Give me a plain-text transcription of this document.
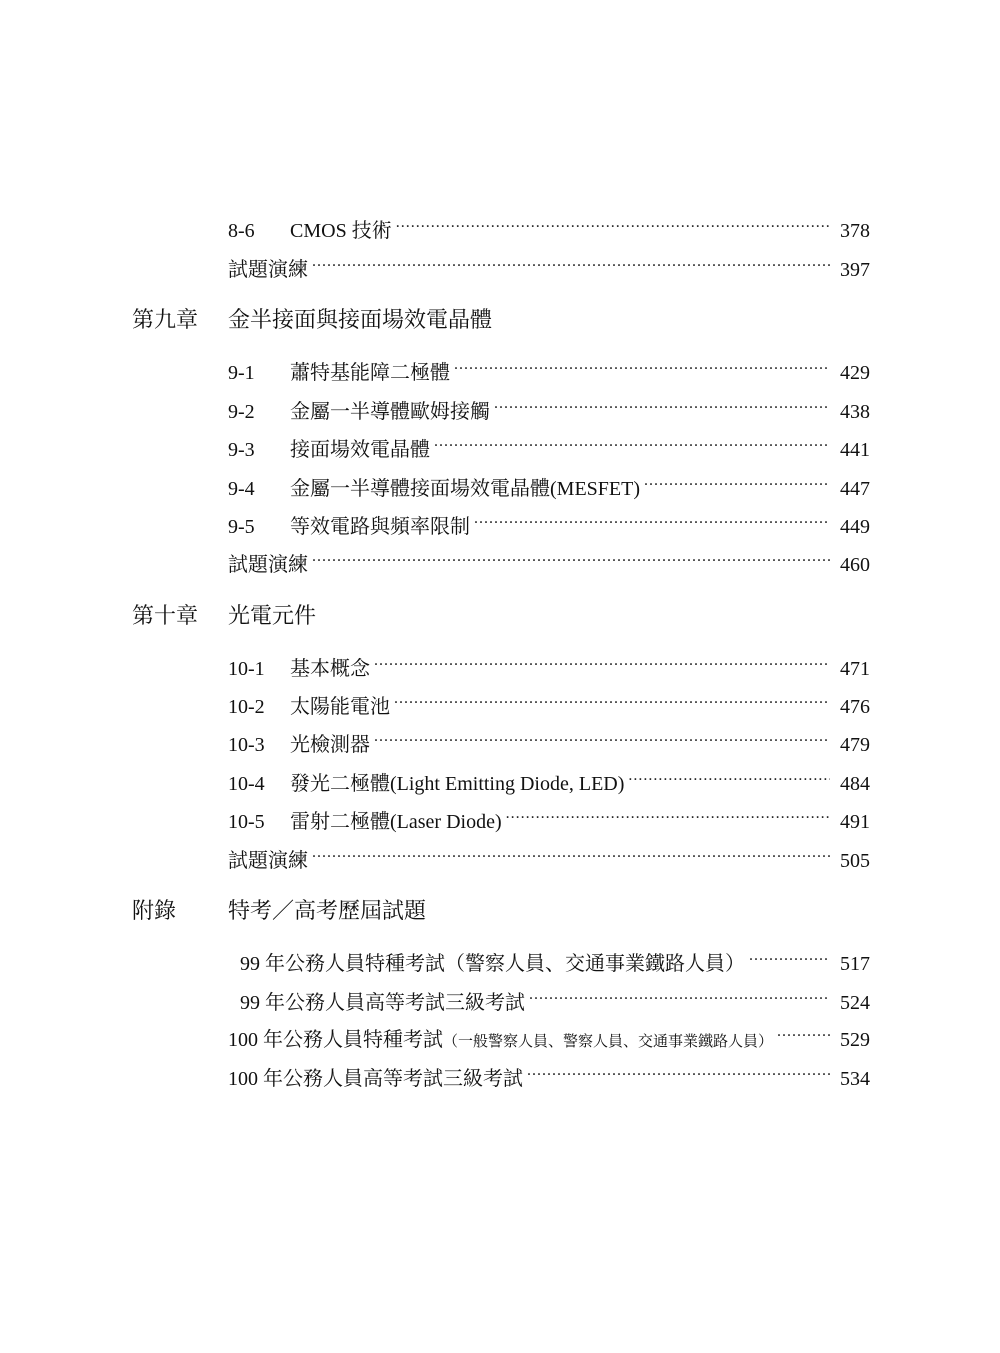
8-6	CMOS 技術 .....	378
試題演練 .....	397
第九章 金半接面與接面場效電晶體
9-1	蕭特基能障二極體 .....	429
9-2	金屬一半導體歐姆接觸 .....	438
9-3	接面場效電晶體 .....	441
9-4	金屬一半導體接面場效電晶體(MESFET) .....	447
9-5	等效電路與頻率限制 .....	449
試題演練 .....	460
第十章 光電元件
10-1	基本概念 .....	471
10-2	太陽能電池 .....	476
10-3	光檢測器 .....	479
10-4	發光二極體(Light Emitting Diode, LED) .....	484
10-5	雷射二極體(Laser Diode) .....	491
試題演練 .....	505
附錄 特考／高考歷屆試題
99 年公務人員特種考試（警察人員、交通事業鐵路人員） .....	517
99 年公務人員高等考試三級考試 .....	524
100 年公務人員特種考試（一般警察人員、警察人員、交通事業鐵路人員） .....	529
100 年公務人員高等考試三級考試 .....	534
